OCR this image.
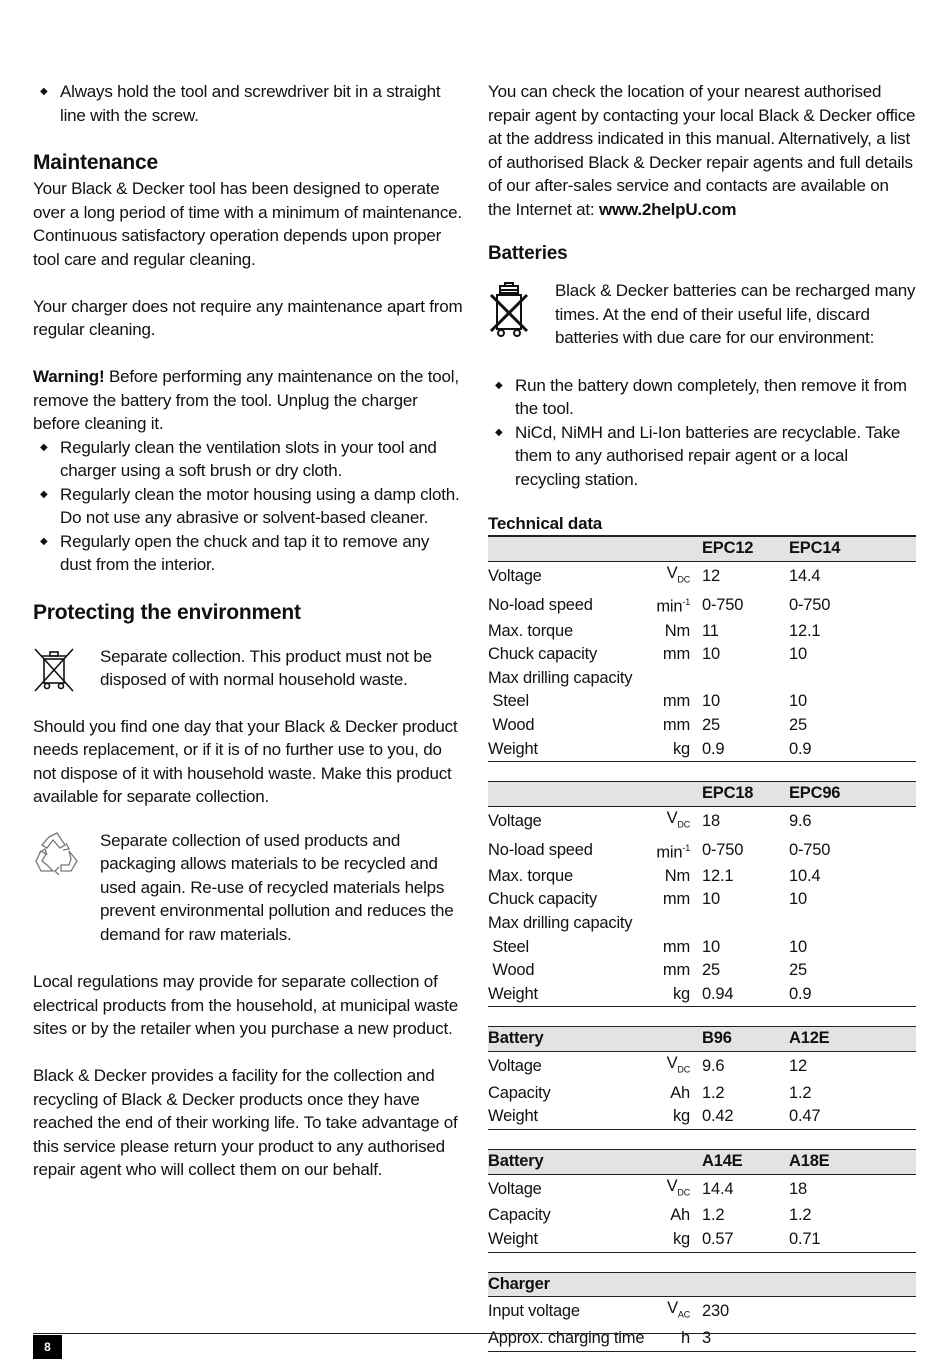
◆ Always hold the tool and screwdriver bit in a straight line with the screw.
Maintenance

Your Black & Decker tool has been designed to operate over a long period of time with a minimum of maintenance. Continuous satisfactory operation depends upon proper tool care and regular cleaning.

Your charger does not require any maintenance apart from regular cleaning.

Warning! Before performing any maintenance on the tool, remove the battery from the tool. Unplug the charger before cleaning it.

◆ Regularly clean the ventilation slots in your tool and charger using a soft brush or dry cloth.
◆ Regularly clean the motor housing using a damp cloth. Do not use any abrasive or solvent-based cleaner.
◆ Regularly open the chuck and tap it to remove any dust from the interior.
Protecting the environment

Separate collection. This product must not be disposed of with normal household waste.

Should you find one day that your Black & Decker product needs replacement, or if it is of no further use to you, do not dispose of it with household waste. Make this product available for separate collection.

Separate collection of used products and packaging allows materials to be recycled and used again. Re-use of recycled materials helps prevent environmental pollution and reduces the demand for raw materials.

Local regulations may provide for separate collection of electrical products from the household, at municipal waste sites or by the retailer when you purchase a new product.

Black & Decker provides a facility for the collection and recycling of Black & Decker products once they have reached the end of their working life. To take advantage of this service please return your product to any authorised repair agent who will collect them on our behalf.

You can check the location of your nearest authorised repair agent by contacting your local Black & Decker office at the address indicated in this manual. Alternatively, a list of authorised Black & Decker repair agents and full details of our after-sales service and contacts are available on the Internet at: www.2helpU.com

Batteries

Black & Decker batteries can be recharged many times. At the end of their useful life, discard batteries with due care for our environment:

◆ Run the battery down completely, then remove it from the tool.
◆ NiCd, NiMH and Li-Ion batteries are recyclable. Take them to any authorised repair agent or a local recycling station.
Technical data
		EPC12	EPC14
Voltage	$V_{DC}$	12	14.4
No-load speed	$\min^{-1}$	0-750	0-750
Max. torque	Nm	11	12.1
Chuck capacity	mm	10	10
Max drilling capacity			
Steel	mm	10	10
Wood	mm	25	25
Weight	kg	0.9	0.9
		EPC18	EPC96
Voltage	$V_{DC}$	18	9.6
No-load speed	$\min^{-1}$	0-750	0-750
Max. torque	Nm	12.1	10.4
Chuck capacity	mm	10	10
Max drilling capacity			
Steel	mm	10	10
Wood	mm	25	25
Weight	kg	0.94	0.9
Battery		B96	A12E
Voltage	$V_{DC}$	9.6	12
Capacity	Ah	1.2	1.2
Weight	kg	0.42	0.47
Battery		A14E	A18E
Voltage	$V_{DC}$	14.4	18
Capacity	Ah	1.2	1.2
Weight	kg	0.57	0.71
Charger			
Input voltage	$V_{AC}$	230	
Approx. charging time	h	3	
8
